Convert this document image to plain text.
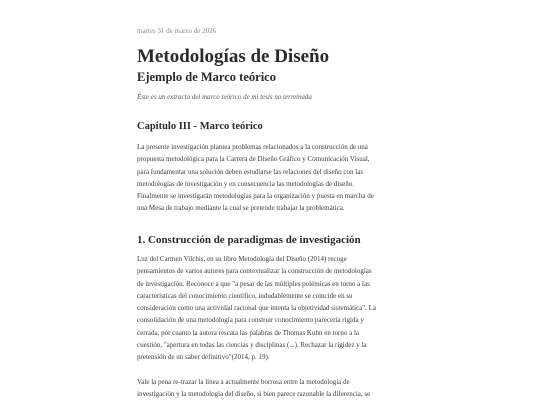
martes 31 de marzo de 2026
Metodologías de Diseño
Ejemplo de Marco teórico
Éste es un extracto del marco teórico de mi tesis no terminada
Capítulo III - Marco teórico
La presente investigación plantea problemas relacionados a la construcción de una
propuesta metodológica para la Carrera de Diseño Gráfico y Comunicación Visual,
para fundamentar una solución deben estudiarse las relaciones del diseño con las
metodologías de investigación y en consecuencia las metodologías de diseño.
Finalmente se investigarán metodologías para la organización y puesta en marcha de
una Mesa de trabajo mediante la cual se pretende trabajar la problemática.
1. Construcción de paradigmas de investigación
Luz del Carmen Vilchis, en su libro Metodología del Diseño (2014) recoge
pensamientos de varios autores para contextualizar la construcción de metodologías
de investigación. Reconoce a que "a pesar de las múltiples polémicas en torno a las
características del conocimiento científico, indudablemente se coincide en su
consideración como una actividad racional que intenta la objetividad sistemática". La
consolidación de una metodología para construir conocimiento parecería rígida y
cerrada, por cuanto la autora rescata las palabras de Thomas Kuhn en torno a la
cuestión, "apertura en todas las ciencias y disciplinas (...). Rechazar la rigidez y la
pretensión de un saber definitivo"(2014, p. 19).
Vale la pena re-trazar la línea a actualmente borrosa entre la metodología de
investigación y la metodología del diseño, si bien parece razonable la diferencia, se
